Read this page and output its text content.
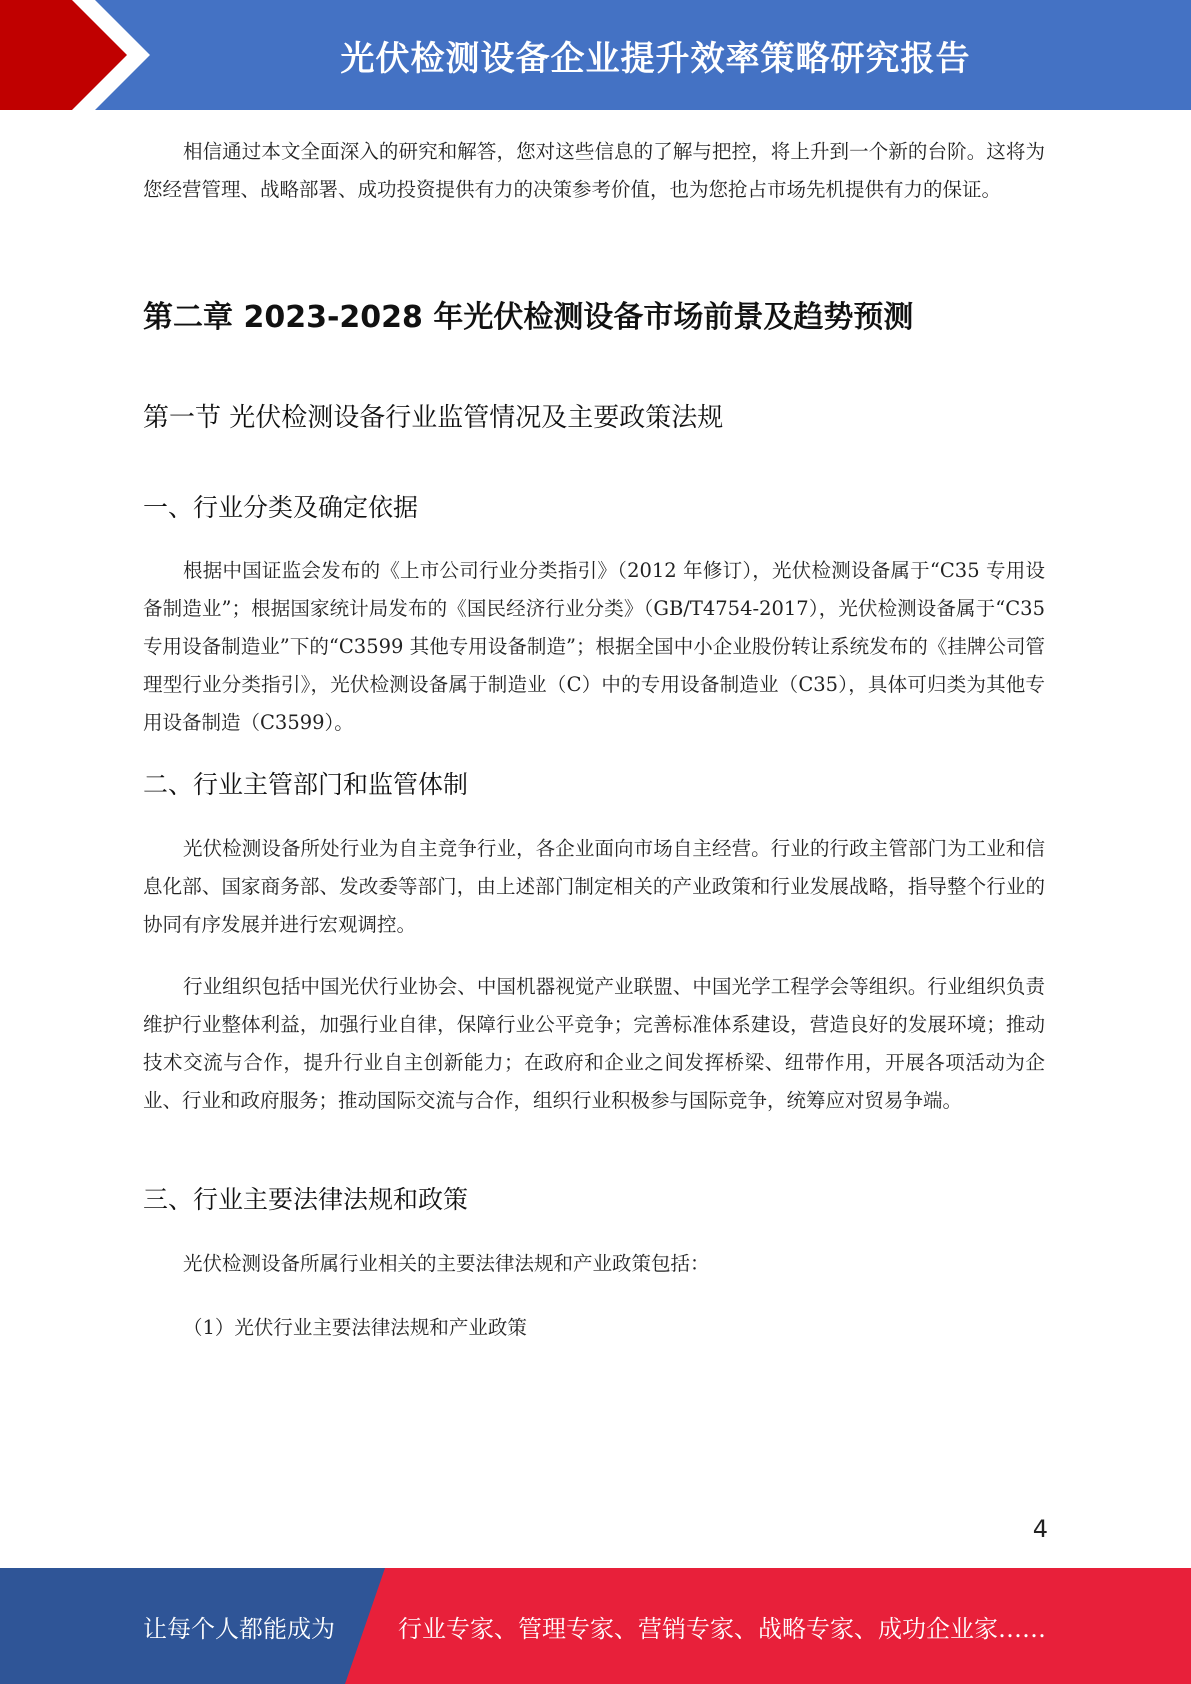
光伏检测设备企业提升效率策略研究报告
相信通过本文全面深入的研究和解答，您对这些信息的了解与把控，将上升到一个新的台阶。这将为您经营管理、战略部署、成功投资提供有力的决策参考价值，也为您抢占市场先机提供有力的保证。
第二章 2023-2028 年光伏检测设备市场前景及趋势预测
第一节 光伏检测设备行业监管情况及主要政策法规
一、行业分类及确定依据
根据中国证监会发布的《上市公司行业分类指引》（2012 年修订），光伏检测设备属于“C35 专用设备制造业”；根据国家统计局发布的《国民经济行业分类》（GB/T4754-2017），光伏检测设备属于“C35 专用设备制造业”下的“C3599 其他专用设备制造”；根据全国中小企业股份转让系统发布的《挂牌公司管理型行业分类指引》，光伏检测设备属于制造业（C）中的专用设备制造业（C35），具体可归类为其他专用设备制造（C3599）。
二、行业主管部门和监管体制
光伏检测设备所处行业为自主竞争行业，各企业面向市场自主经营。行业的行政主管部门为工业和信息化部、国家商务部、发改委等部门，由上述部门制定相关的产业政策和行业发展战略，指导整个行业的协同有序发展并进行宏观调控。
行业组织包括中国光伏行业协会、中国机器视觉产业联盟、中国光学工程学会等组织。行业组织负责维护行业整体利益，加强行业自律，保障行业公平竞争；完善标准体系建设，营造良好的发展环境；推动技术交流与合作，提升行业自主创新能力；在政府和企业之间发挥桥梁、纽带作用，开展各项活动为企业、行业和政府服务；推动国际交流与合作，组织行业积极参与国际竞争，统筹应对贸易争端。
三、行业主要法律法规和政策
光伏检测设备所属行业相关的主要法律法规和产业政策包括：
（1）光伏行业主要法律法规和产业政策
4
让每个人都能成为	行业专家、管理专家、营销专家、战略专家、成功企业家……
